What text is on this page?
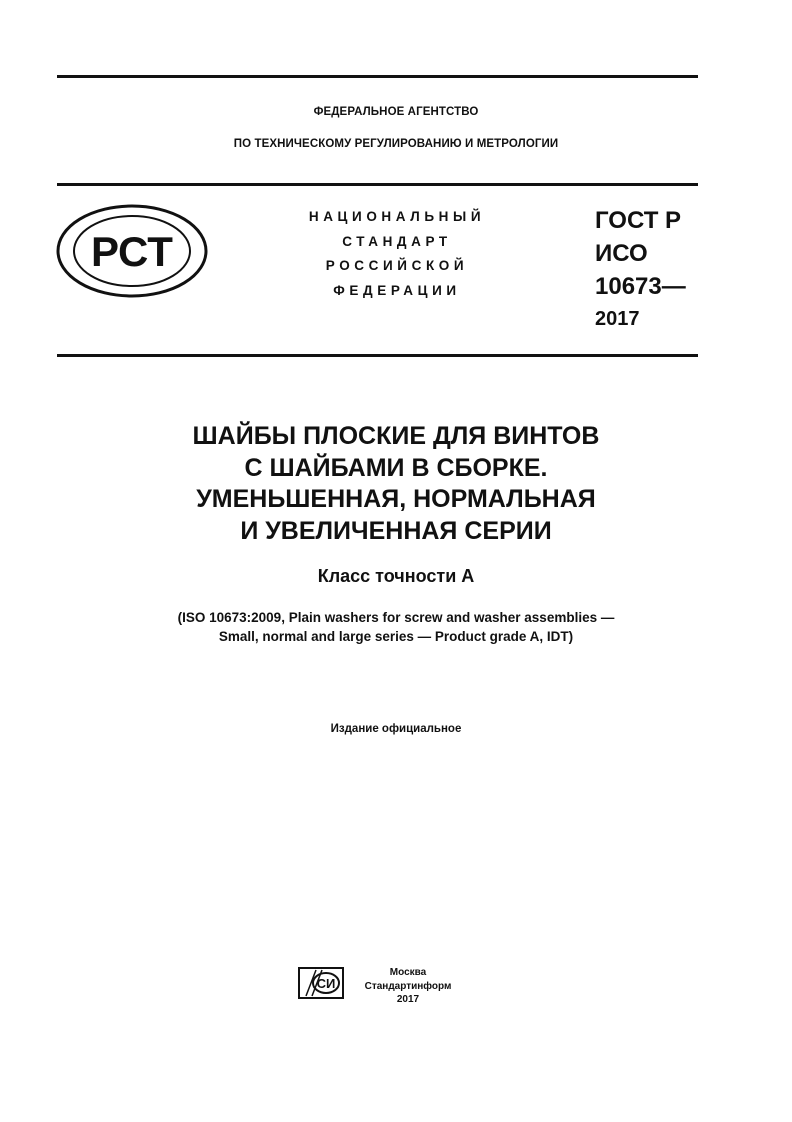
ФЕДЕРАЛЬНОЕ АГЕНТСТВО
ПО ТЕХНИЧЕСКОМУ РЕГУЛИРОВАНИЮ И МЕТРОЛОГИИ
РСТ
НАЦИОНАЛЬНЫЙ
СТАНДАРТ
РОССИЙСКОЙ
ФЕДЕРАЦИИ
ГОСТ Р
ИСО
10673—
2017
ШАЙБЫ ПЛОСКИЕ ДЛЯ ВИНТОВ
С ШАЙБАМИ В СБОРКЕ.
УМЕНЬШЕННАЯ, НОРМАЛЬНАЯ
И УВЕЛИЧЕННАЯ СЕРИИ
Класс точности A
(ISO 10673:2009, Plain washers for screw and washer assemblies —
Small, normal and large series — Product grade A, IDT)
Издание официальное
СИ
Москва
Стандартинформ
2017
